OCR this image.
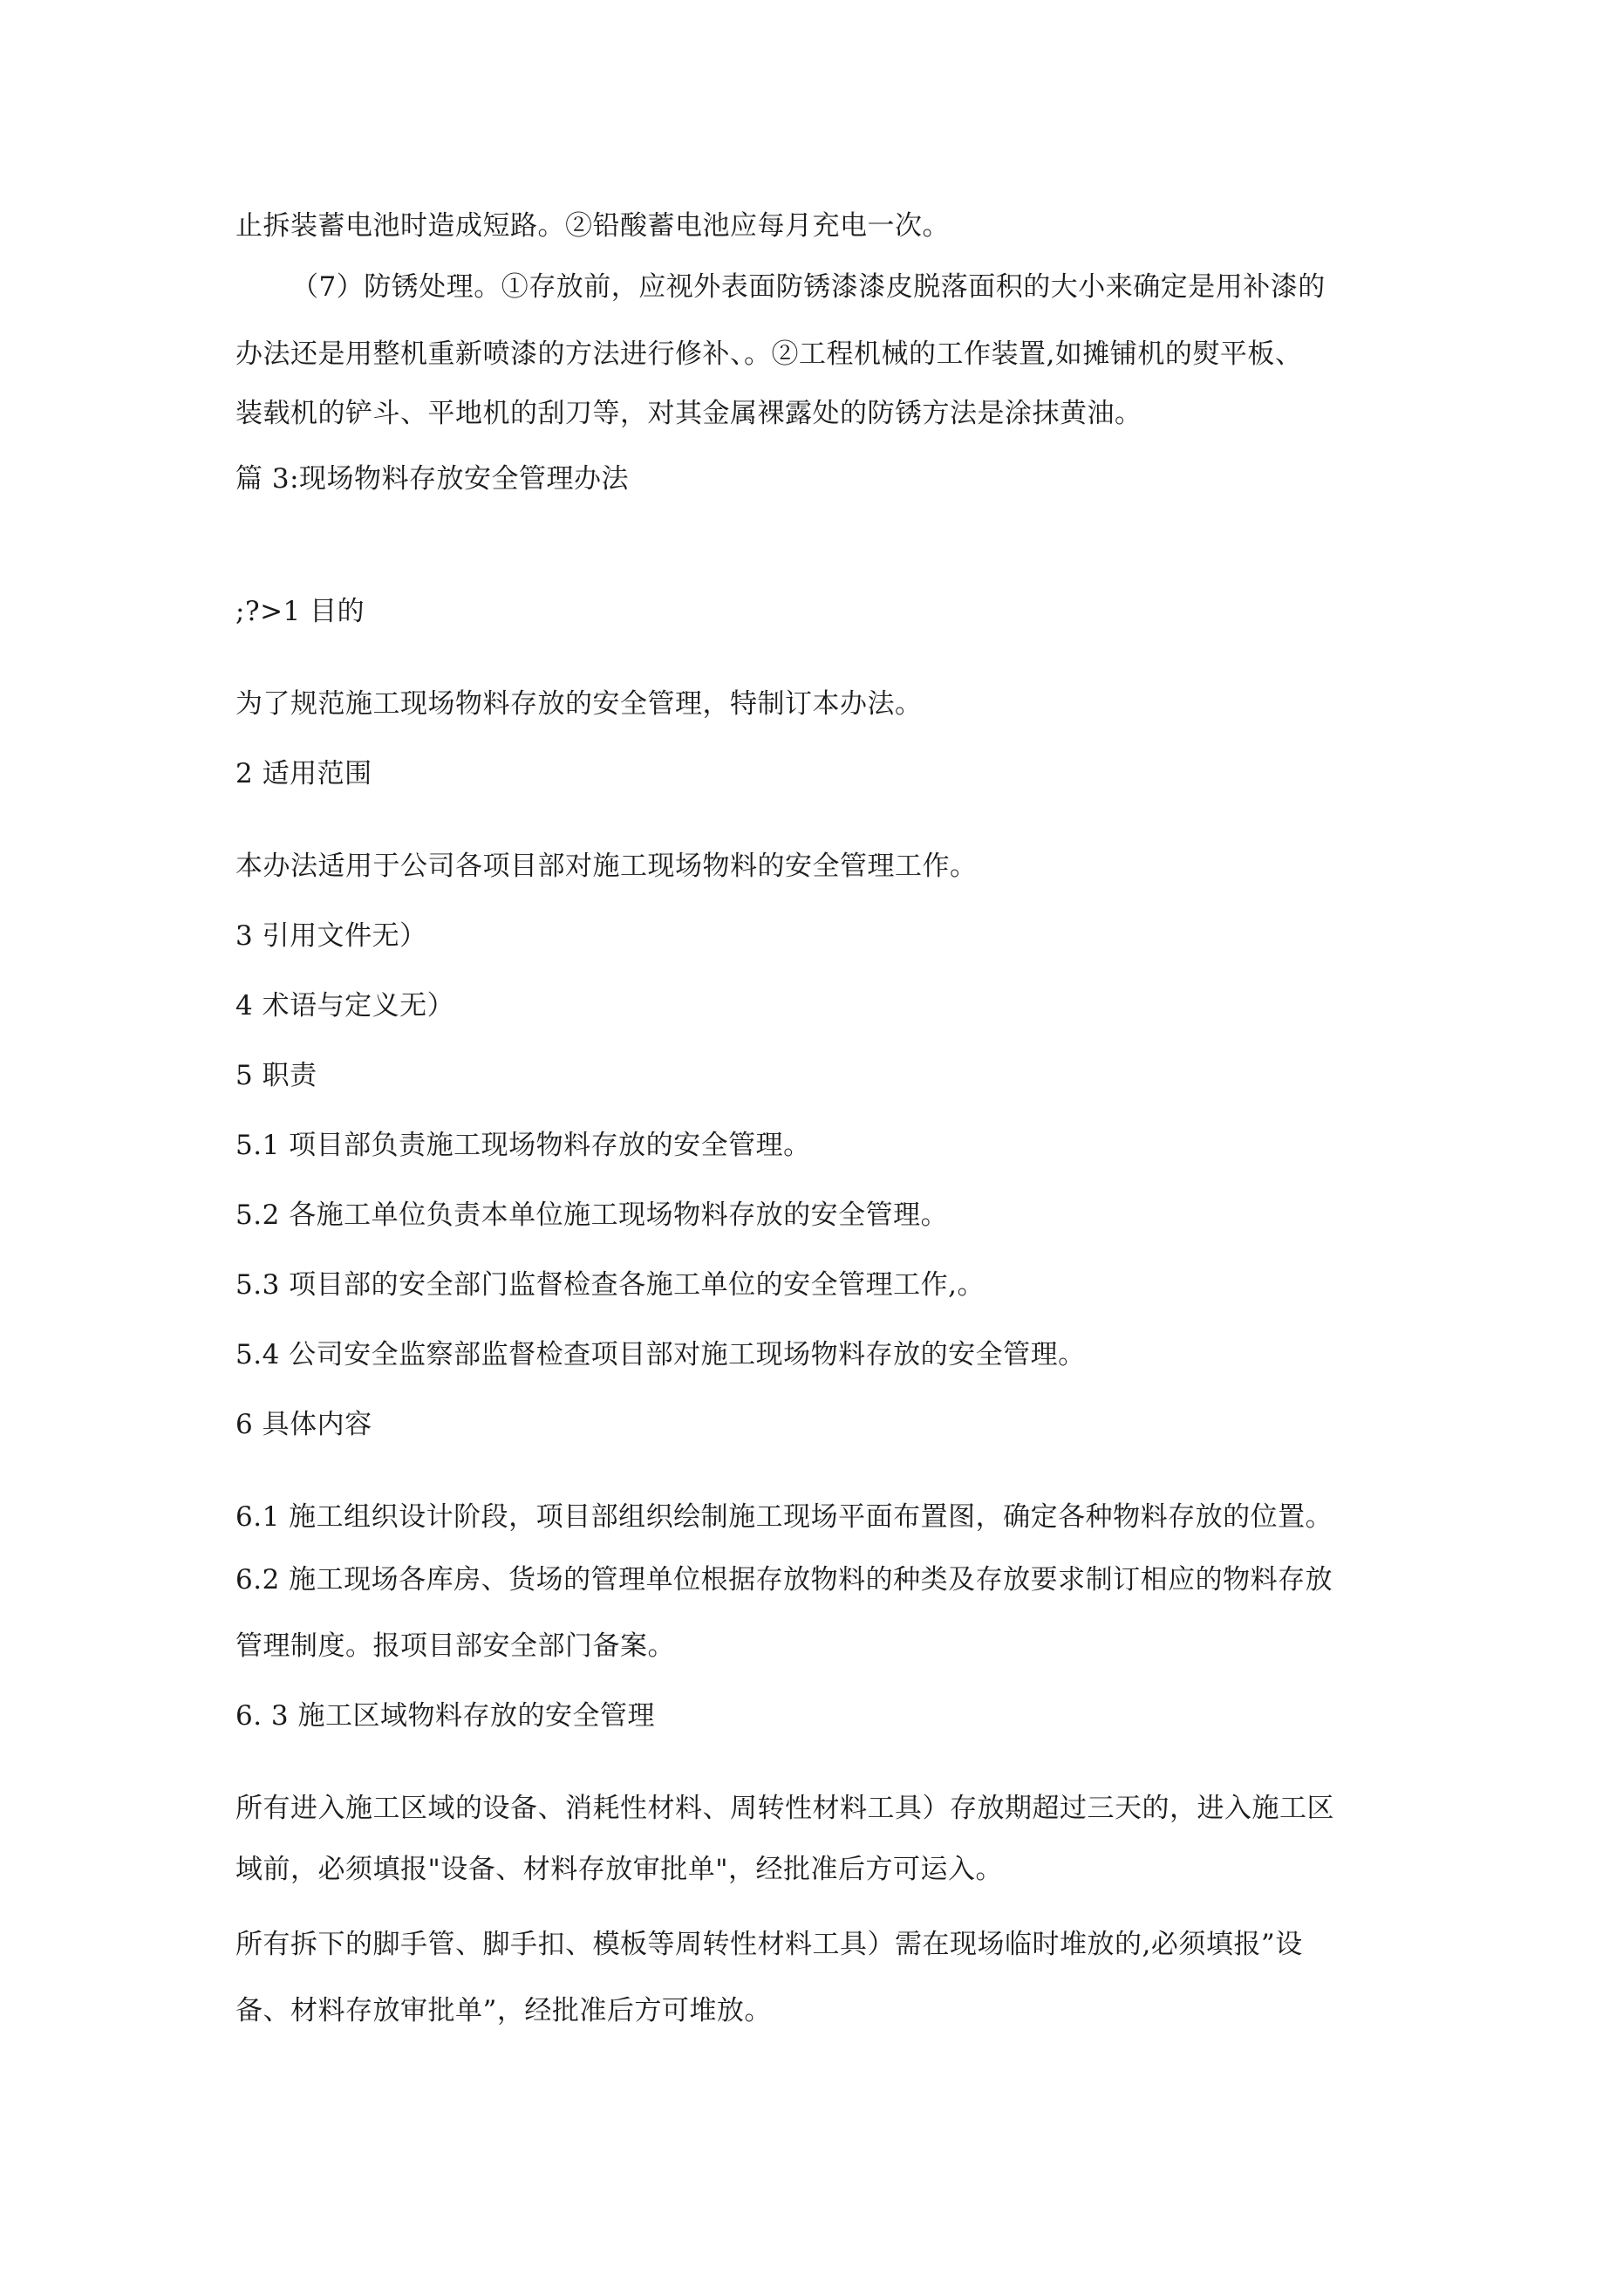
止拆装蓄电池时造成短路。②铅酸蓄电池应每月充电一次。
（7）防锈处理。①存放前，应视外表面防锈漆漆皮脱落面积的大小来确定是用补漆的
办法还是用整机重新喷漆的方法进行修补、。②工程机械的工作装置,如摊铺机的熨平板、
装载机的铲斗、平地机的刮刀等，对其金属裸露处的防锈方法是涂抹黄油。
篇 3:现场物料存放安全管理办法
;?>1 目的
为了规范施工现场物料存放的安全管理，特制订本办法。
2 适用范围
本办法适用于公司各项目部对施工现场物料的安全管理工作。
3 引用文件无）
4 术语与定义无）
5 职责
5.1 项目部负责施工现场物料存放的安全管理。
5.2 各施工单位负责本单位施工现场物料存放的安全管理。
5.3 项目部的安全部门监督检查各施工单位的安全管理工作,。
5.4 公司安全监察部监督检查项目部对施工现场物料存放的安全管理。
6 具体内容
6.1 施工组织设计阶段，项目部组织绘制施工现场平面布置图，确定各种物料存放的位置。
6.2 施工现场各库房、货场的管理单位根据存放物料的种类及存放要求制订相应的物料存放
管理制度。报项目部安全部门备案。
6. 3 施工区域物料存放的安全管理
所有进入施工区域的设备、消耗性材料、周转性材料工具）存放期超过三天的，进入施工区
域前，必须填报"设备、材料存放审批单"，经批准后方可运入。
所有拆下的脚手管、脚手扣、模板等周转性材料工具）需在现场临时堆放的,必须填报”设
备、材料存放审批单”，经批准后方可堆放。
